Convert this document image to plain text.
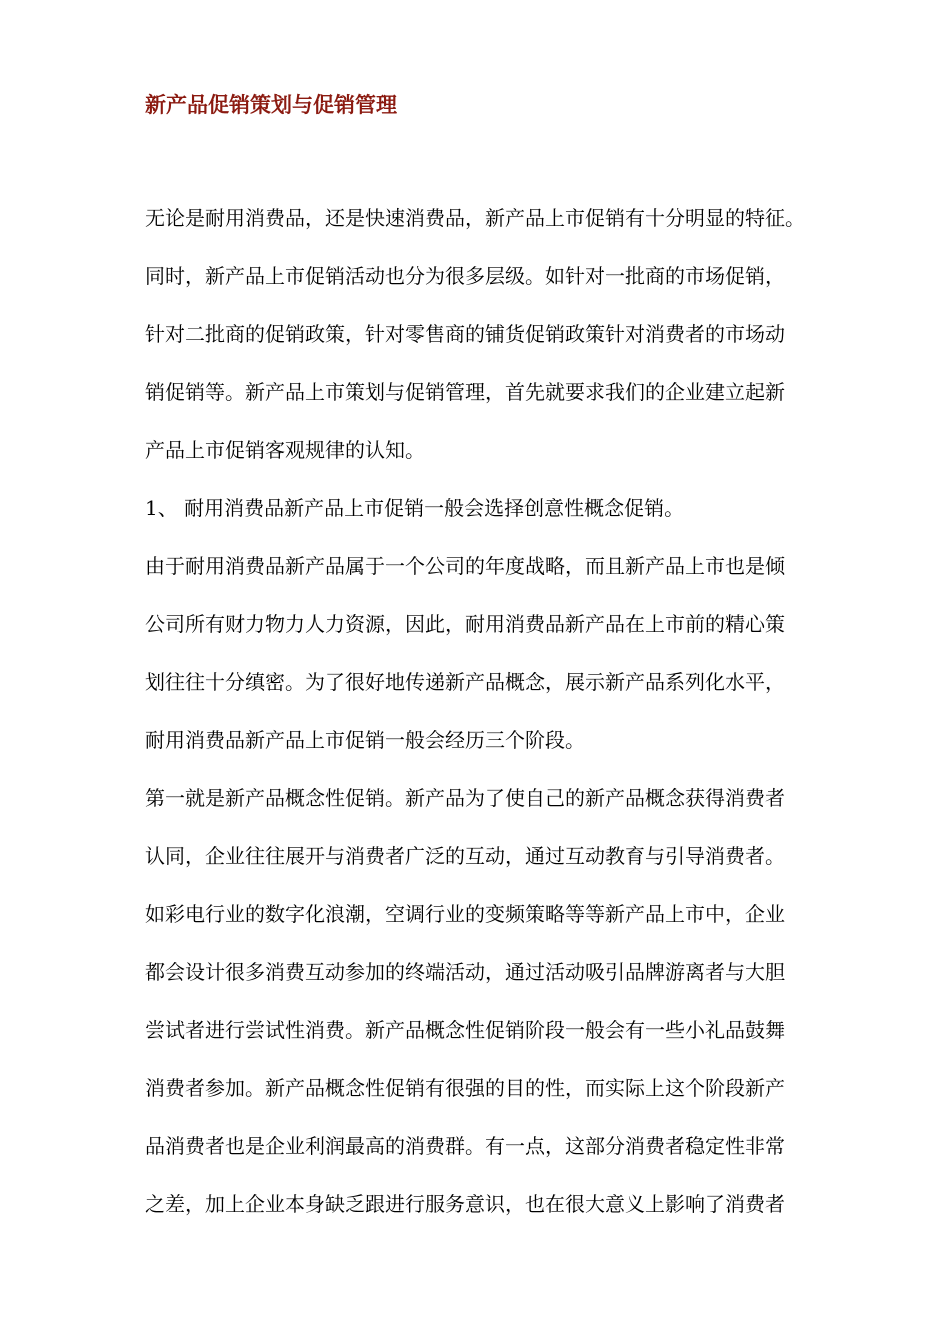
新产品促销策划与促销管理
无论是耐用消费品，还是快速消费品，新产品上市促销有十分明显的特征。
同时，新产品上市促销活动也分为很多层级。如针对一批商的市场促销，
针对二批商的促销政策，针对零售商的铺货促销政策针对消费者的市场动
销促销等。新产品上市策划与促销管理，首先就要求我们的企业建立起新
产品上市促销客观规律的认知。
1、 耐用消费品新产品上市促销一般会选择创意性概念促销。
由于耐用消费品新产品属于一个公司的年度战略，而且新产品上市也是倾
公司所有财力物力人力资源，因此，耐用消费品新产品在上市前的精心策
划往往十分缜密。为了很好地传递新产品概念，展示新产品系列化水平，
耐用消费品新产品上市促销一般会经历三个阶段。
第一就是新产品概念性促销。新产品为了使自己的新产品概念获得消费者
认同，企业往往展开与消费者广泛的互动，通过互动教育与引导消费者。
如彩电行业的数字化浪潮，空调行业的变频策略等等新产品上市中，企业
都会设计很多消费互动参加的终端活动，通过活动吸引品牌游离者与大胆
尝试者进行尝试性消费。新产品概念性促销阶段一般会有一些小礼品鼓舞
消费者参加。新产品概念性促销有很强的目的性，而实际上这个阶段新产
品消费者也是企业利润最高的消费群。有一点，这部分消费者稳定性非常
之差，加上企业本身缺乏跟进行服务意识，也在很大意义上影响了消费者
